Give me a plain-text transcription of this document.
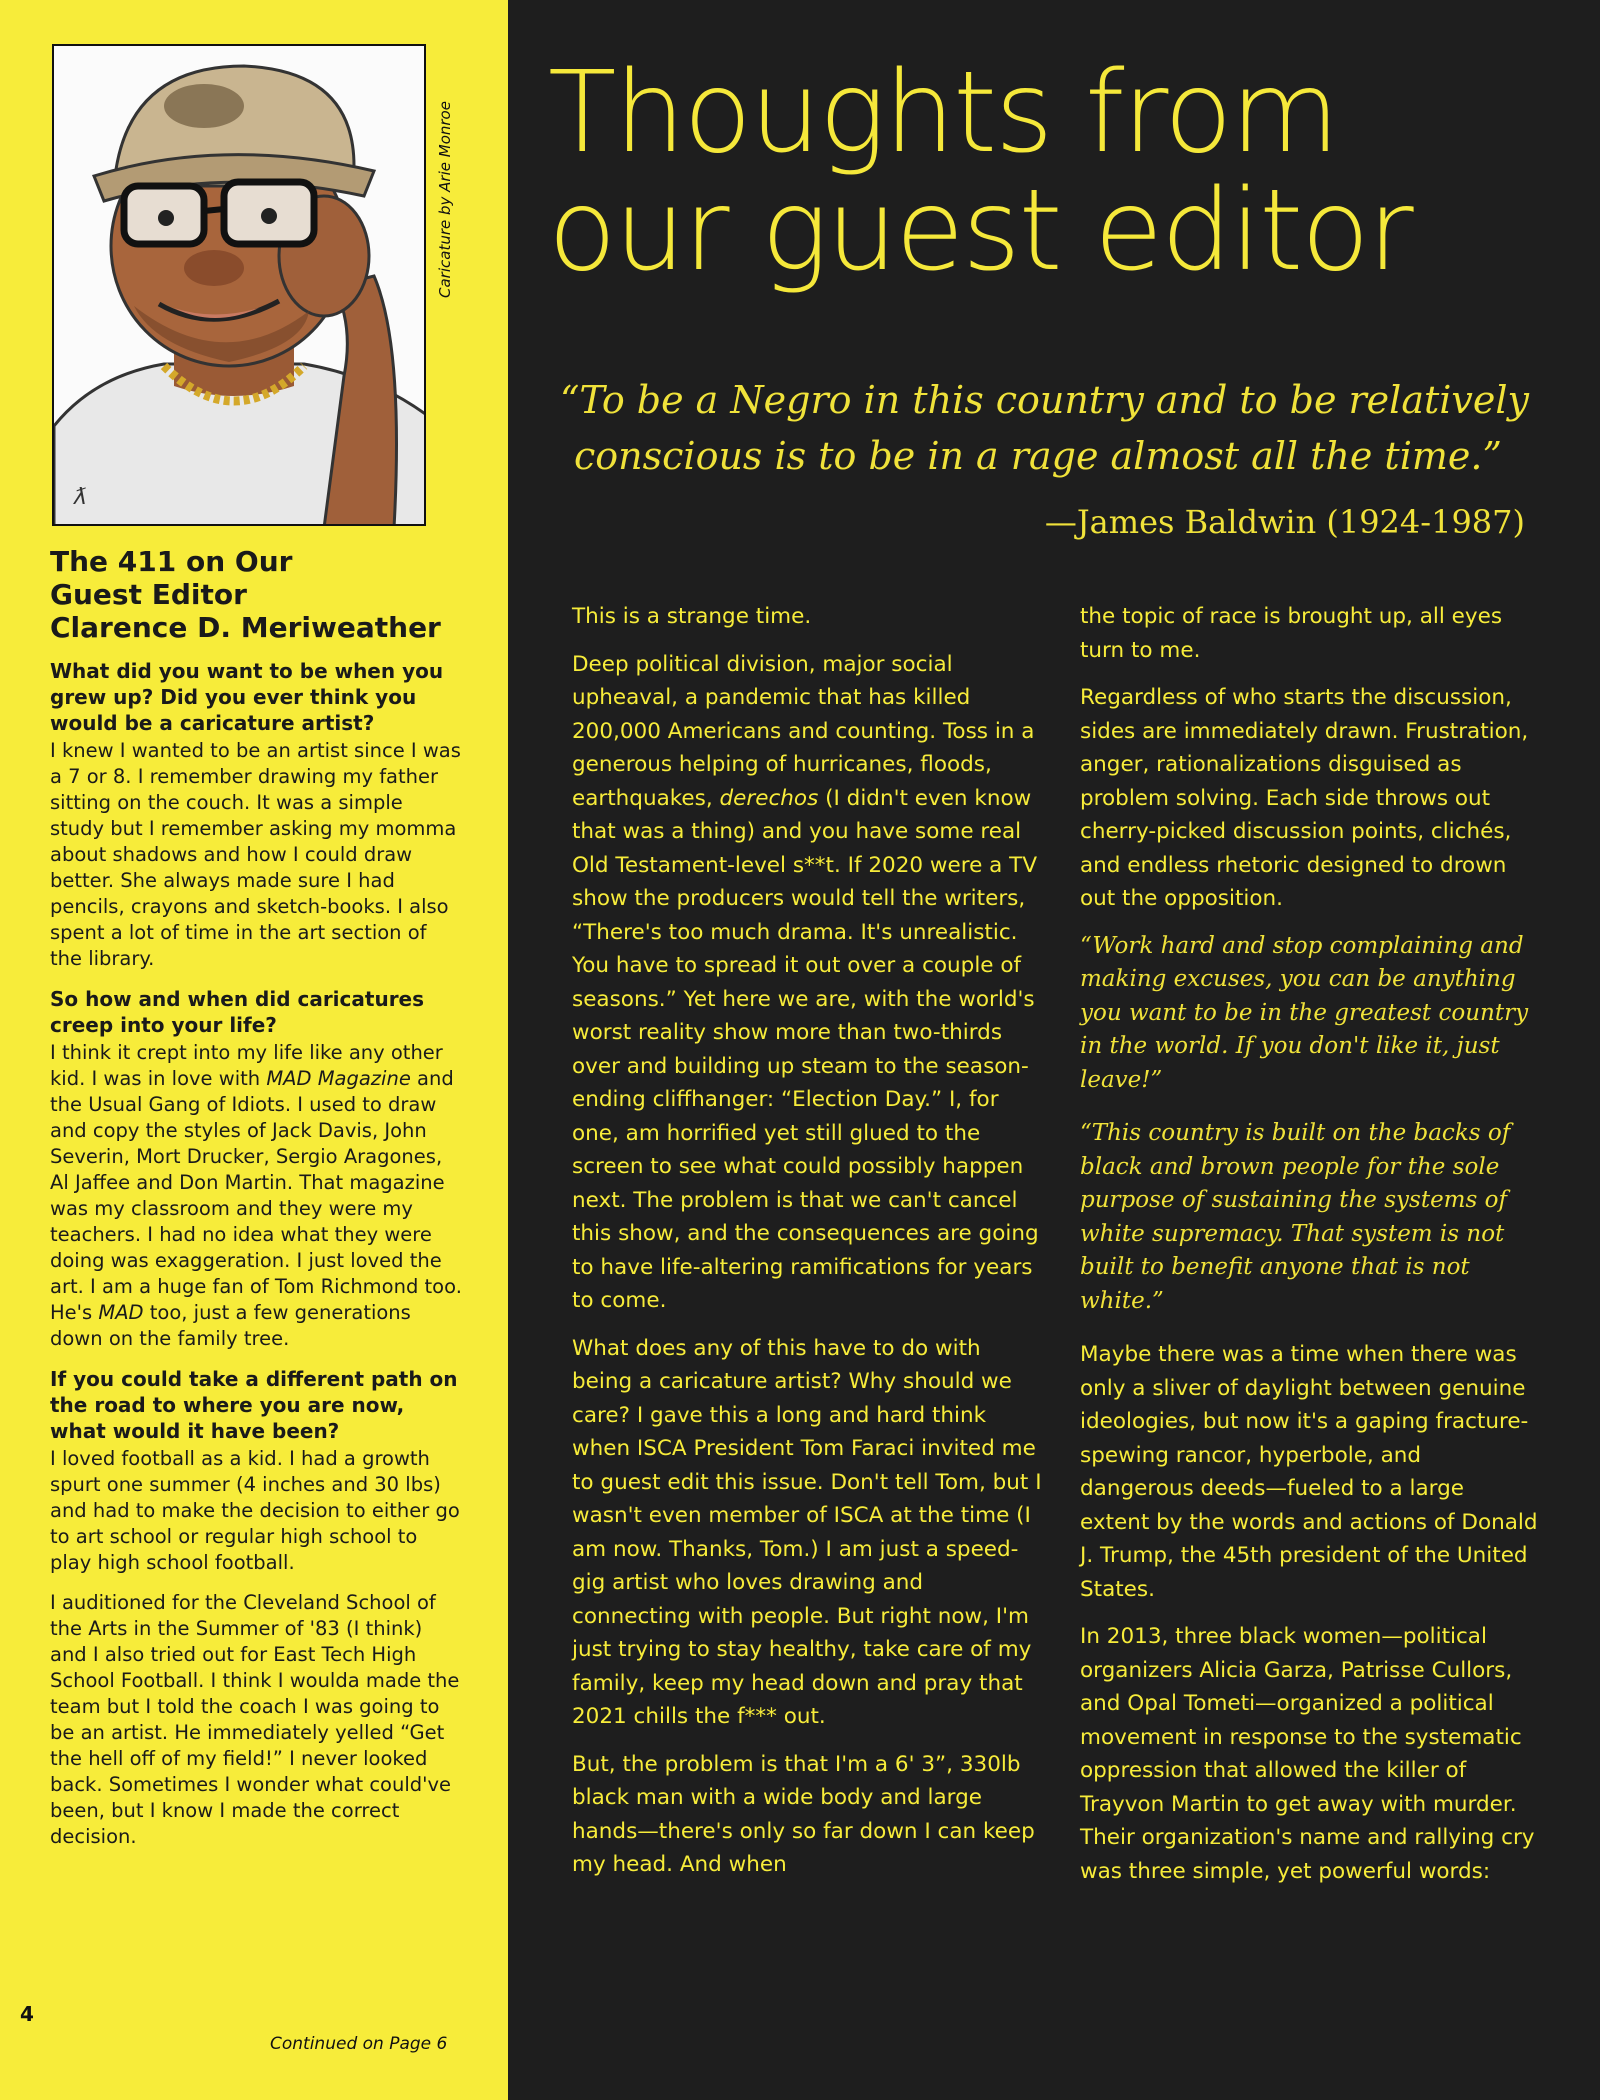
ƛ
Caricature by Arie Monroe
The 411 on Our
Guest Editor
Clarence D. Meriweather
What did you want to be when you grew up? Did you ever think you would be a caricature artist?
I knew I wanted to be an artist since I was a 7 or 8. I remember drawing my father sitting on the couch. It was a simple study but I remember asking my momma about shadows and how I could draw better. She always made sure I had pencils, crayons and sketch-books. I also spent a lot of time in the art section of the library.
So how and when did caricatures creep into your life?
I think it crept into my life like any other kid. I was in love with MAD Magazine and the Usual Gang of Idiots. I used to draw and copy the styles of Jack Davis, John Severin, Mort Drucker, Sergio Aragones, Al Jaffee and Don Martin. That magazine was my classroom and they were my teachers. I had no idea what they were doing was exaggeration. I just loved the art. I am a huge fan of Tom Richmond too. He's MAD too, just a few generations down on the family tree.
If you could take a different path on the road to where you are now, what would it have been?
I loved football as a kid. I had a growth spurt one summer (4 inches and 30 lbs) and had to make the decision to either go to art school or regular high school to play high school football.
I auditioned for the Cleveland School of the Arts in the Summer of '83 (I think) and I also tried out for East Tech High School Football. I think I woulda made the team but I told the coach I was going to be an artist. He immediately yelled “Get the hell off of my field!” I never looked back. Sometimes I wonder what could've been, but I know I made the correct decision.
4
Continued on Page 6
Thoughts from
our guest editor
“To be a Negro in this country and to be relatively
conscious is to be in a rage almost all the time.”
—James Baldwin (1924-1987)

This is a strange time.

Deep political division, major social upheaval, a pandemic that has killed 200,000 Americans and counting. Toss in a generous helping of hurricanes, floods, earthquakes, derechos (I didn't even know that was a thing) and you have some real Old Testament-level s**t. If 2020 were a TV show the producers would tell the writers, “There's too much drama. It's unrealistic. You have to spread it out over a couple of seasons.” Yet here we are, with the world's worst reality show more than two-thirds over and building up steam to the season-ending cliffhanger: “Election Day.” I, for one, am horrified yet still glued to the screen to see what could possibly happen next. The problem is that we can't cancel this show, and the consequences are going to have life-altering ramifications for years to come.

What does any of this have to do with being a caricature artist? Why should we care? I gave this a long and hard think when ISCA President Tom Faraci invited me to guest edit this issue. Don't tell Tom, but I wasn't even member of ISCA at the time (I am now. Thanks, Tom.) I am just a speed-gig artist who loves drawing and connecting with people. But right now, I'm just trying to stay healthy, take care of my family, keep my head down and pray that 2021 chills the f*** out.

But, the problem is that I'm a 6' 3”, 330lb black man with a wide body and large hands—there's only so far down I can keep my head. And when

the topic of race is brought up, all eyes turn to me.

Regardless of who starts the discussion, sides are immediately drawn. Frustration, anger, rationalizations disguised as problem solving. Each side throws out cherry-picked discussion points, clichés, and endless rhetoric designed to drown out the opposition.

“Work hard and stop complaining and making excuses, you can be anything you want to be in the greatest country in the world. If you don't like it, just leave!”

“This country is built on the backs of black and brown people for the sole purpose of sustaining the systems of white supremacy. That system is not built to benefit anyone that is not white.”

Maybe there was a time when there was only a sliver of daylight between genuine ideologies, but now it's a gaping fracture-spewing rancor, hyperbole, and dangerous deeds—fueled to a large extent by the words and actions of Donald J. Trump, the 45th president of the United States.

In 2013, three black women—political organizers Alicia Garza, Patrisse Cullors, and Opal Tometi—organized a political movement in response to the systematic oppression that allowed the killer of Trayvon Martin to get away with murder. Their organization's name and rallying cry was three simple, yet powerful words:
